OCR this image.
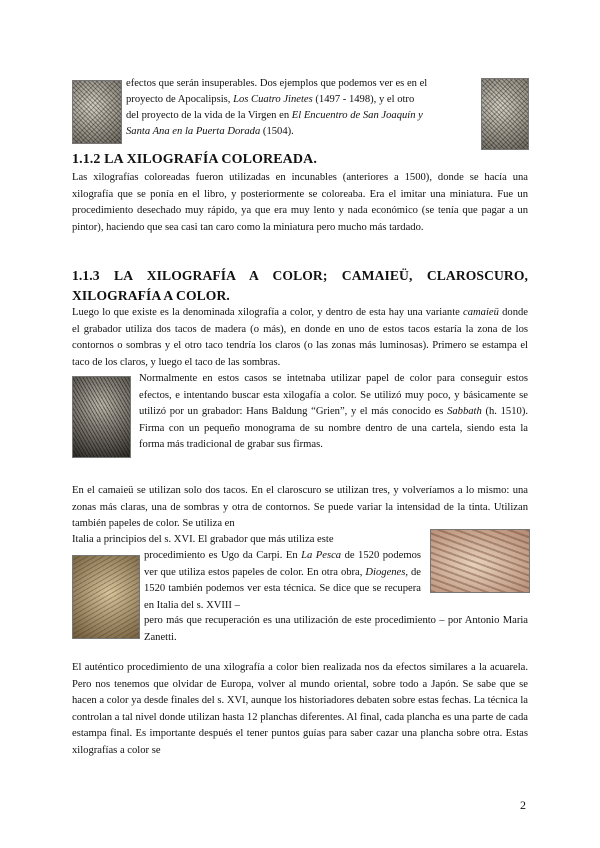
efectos que serán insuperables. Dos ejemplos que podemos ver es en el

proyecto de Apocalipsis, Los Cuatro Jinetes (1497 - 1498), y el otro

del proyecto de la vida de la Virgen en El Encuentro de San Joaquín y

Santa Ana en la Puerta Dorada (1504).

1.1.2 LA XILOGRAFÍA COLOREADA.

Las xilografías coloreadas fueron utilizadas en incunables (anteriores a 1500), donde se hacía una xilografía que se ponía en el libro, y posteriormente se coloreaba. Era el imitar una miniatura. Fue un procedimiento desechado muy rápido, ya que era muy lento y nada económico (se tenía que pagar a un pintor), haciendo que sea casi tan caro como la miniatura pero mucho más tardado.

1.1.3 LA XILOGRAFÍA A COLOR; CAMAIEÜ, CLAROSCURO,
XILOGRAFÍA A COLOR.

Luego lo que existe es la denominada xilografía a color, y dentro de esta hay una variante camaieü donde el grabador utiliza dos tacos de madera (o más), en donde en uno de estos tacos estaría la zona de los contornos o sombras y el otro taco tendría los claros (o las zonas más luminosas). Primero se estampa el taco de los claros, y luego el taco de las sombras.

Normalmente en estos casos se intetnaba utilizar papel de color para conseguir estos efectos, e intentando buscar esta xilogafía a color. Se utilizó muy poco, y básicamente se utilizó por un grabador: Hans Baldung “Grien”, y el más conocido es Sabbath (h. 1510). Firma con un pequeño monograma de su nombre dentro de una cartela, siendo esta la forma más tradicional de grabar sus firmas.

En el camaieü se utilizan solo dos tacos. En el claroscuro se utilizan tres, y volveríamos a lo mismo: una zonas más claras, una de sombras y otra de contornos. Se puede variar la intensidad de la tinta. Utilizan también papeles de color. Se utiliza en

Italia a principios del s. XVI. El grabador que más utiliza este

procedimiento es Ugo da Carpi. En La Pesca de 1520 podemos ver que utiliza estos papeles de color. En otra obra, Diogenes, de 1520 también podemos ver esta técnica. Se dice que se recupera en Italia del s. XVIII –

pero más que recuperación es una utilización de este procedimiento – por Antonio Maria Zanetti.

El auténtico procedimiento de una xilografía a color bien realizada nos da efectos similares a la acuarela. Pero nos tenemos que olvidar de Europa, volver al mundo oriental, sobre todo a Japón. Se sabe que se hacen a color ya desde finales del s. XVI, aunque los historiadores debaten sobre estas fechas. La técnica la controlan a tal nivel donde utilizan hasta 12 planchas diferentes. Al final, cada plancha es una parte de cada estampa final. Es importante después el tener puntos guías para saber cazar una plancha sobre otra. Estas xilografías a color se

2
